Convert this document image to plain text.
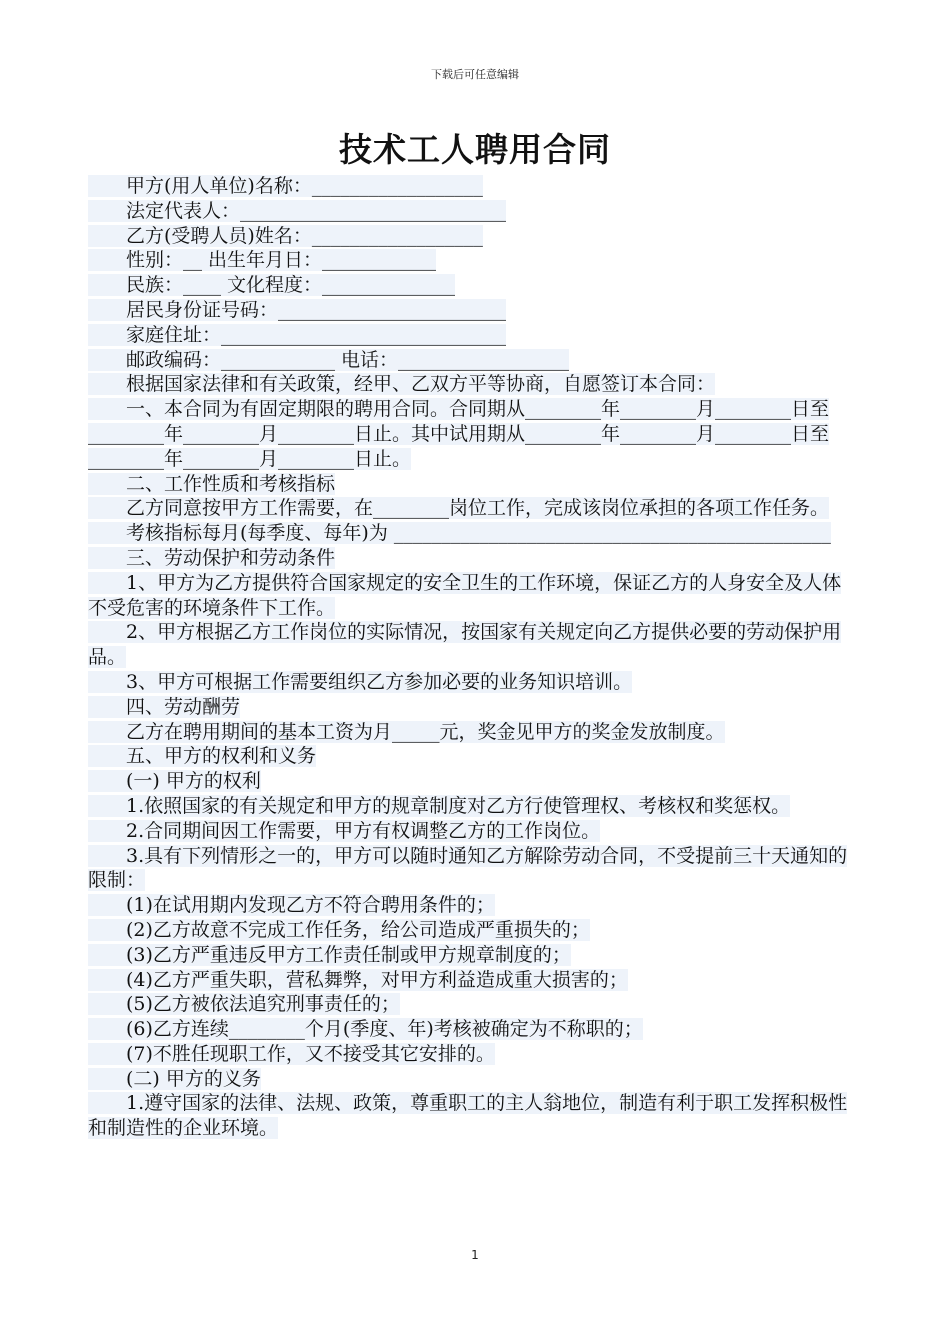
下载后可任意编辑
技术工人聘用合同

　　甲方(用人单位)名称：__________________

　　法定代表人：____________________________

　　乙方(受聘人员)姓名：__________________

　　性别：__ 出生年月日：____________

　　民族：____ 文化程度：______________

　　居民身份证号码：________________________

　　家庭住址：______________________________

　　邮政编码：____________ 电话：__________________

　　根据国家法律和有关政策，经甲、乙双方平等协商，自愿签订本合同：

　　一、本合同为有固定期限的聘用合同。合同期从________年________月________日至________年________月________日止。其中试用期从________年________月________日至________年________月________日止。

　　二、工作性质和考核指标

　　乙方同意按甲方工作需要，在________岗位工作，完成该岗位承担的各项工作任务。

　　考核指标每月(每季度、每年)为 ______________________________________________

　　三、劳动保护和劳动条件

　　1、甲方为乙方提供符合国家规定的安全卫生的工作环境，保证乙方的人身安全及人体不受危害的环境条件下工作。

　　2、甲方根据乙方工作岗位的实际情况，按国家有关规定向乙方提供必要的劳动保护用品。

　　3、甲方可根据工作需要组织乙方参加必要的业务知识培训。

　　四、劳动酬劳

　　乙方在聘用期间的基本工资为月_____元，奖金见甲方的奖金发放制度。

　　五、甲方的权利和义务

　　(一) 甲方的权利

　　1.依照国家的有关规定和甲方的规章制度对乙方行使管理权、考核权和奖惩权。

　　2.合同期间因工作需要，甲方有权调整乙方的工作岗位。

　　3.具有下列情形之一的，甲方可以随时通知乙方解除劳动合同，不受提前三十天通知的限制：

　　(1)在试用期内发现乙方不符合聘用条件的；

　　(2)乙方故意不完成工作任务，给公司造成严重损失的；

　　(3)乙方严重违反甲方工作责任制或甲方规章制度的；

　　(4)乙方严重失职，营私舞弊，对甲方利益造成重大损害的；

　　(5)乙方被依法追究刑事责任的；

　　(6)乙方连续________个月(季度、年)考核被确定为不称职的；

　　(7)不胜任现职工作，又不接受其它安排的。

　　(二) 甲方的义务

　　1.遵守国家的法律、法规、政策，尊重职工的主人翁地位，制造有利于职工发挥积极性和制造性的企业环境。

1
